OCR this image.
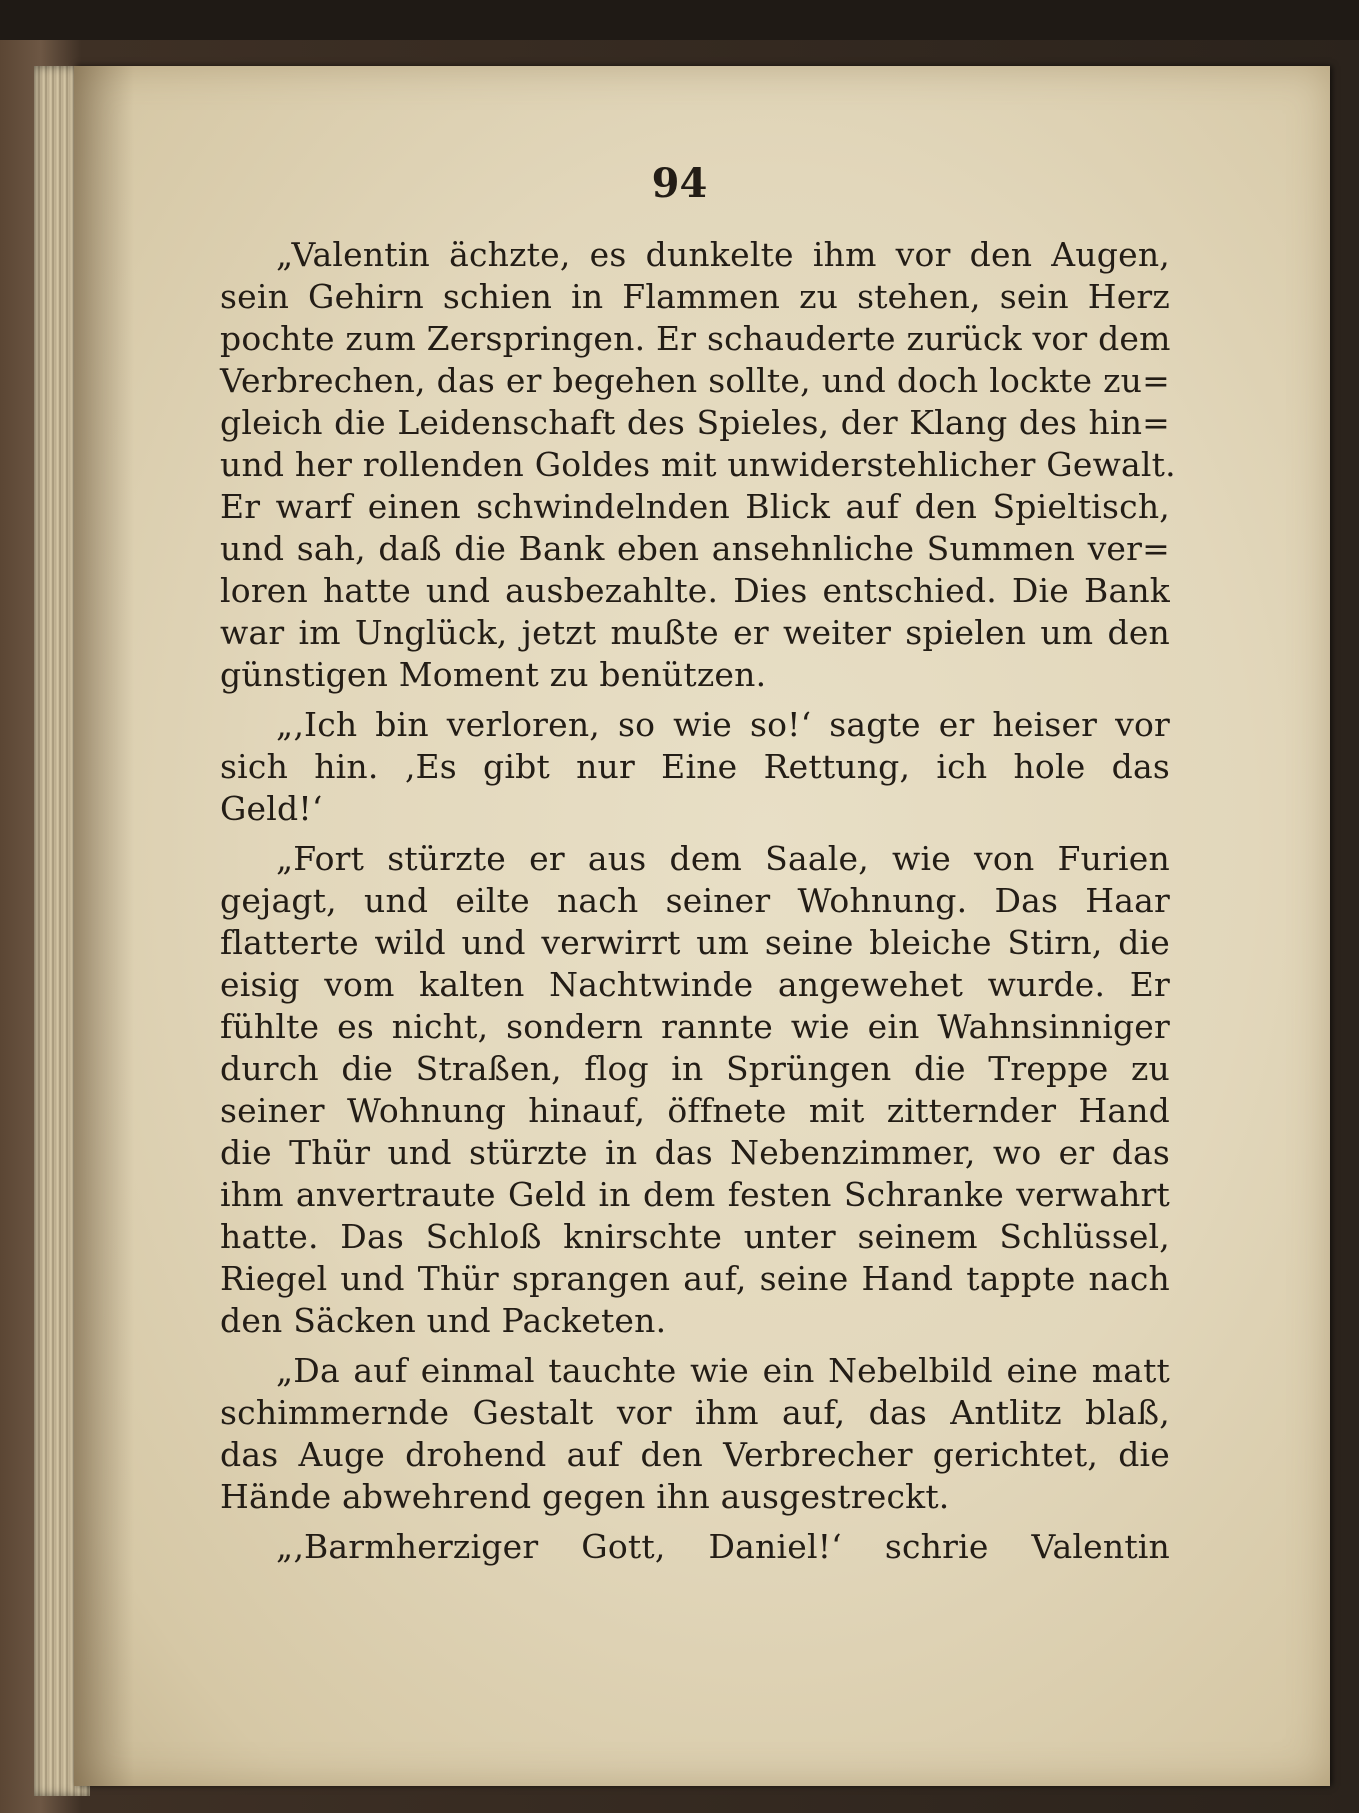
94
„Valentin ächzte, es dunkelte ihm vor den Augen,
sein Gehirn schien in Flammen zu stehen, sein Herz
pochte zum Zerspringen. Er schauderte zurück vor dem
Verbrechen, das er begehen sollte, und doch lockte zu=
gleich die Leidenschaft des Spieles, der Klang des hin=
und her rollenden Goldes mit unwiderstehlicher Gewalt.
Er warf einen schwindelnden Blick auf den Spieltisch,
und sah, daß die Bank eben ansehnliche Summen ver=
loren hatte und ausbezahlte. Dies entschied. Die Bank
war im Unglück, jetzt mußte er weiter spielen um den
günstigen Moment zu benützen.
„‚Ich bin verloren, so wie so!‘ sagte er heiser vor
sich hin. ‚Es gibt nur Eine Rettung, ich hole das
Geld!‘
„Fort stürzte er aus dem Saale, wie von Furien
gejagt, und eilte nach seiner Wohnung. Das Haar
flatterte wild und verwirrt um seine bleiche Stirn, die
eisig vom kalten Nachtwinde angewehet wurde. Er
fühlte es nicht, sondern rannte wie ein Wahnsinniger
durch die Straßen, flog in Sprüngen die Treppe zu
seiner Wohnung hinauf, öffnete mit zitternder Hand
die Thür und stürzte in das Nebenzimmer, wo er das
ihm anvertraute Geld in dem festen Schranke verwahrt
hatte. Das Schloß knirschte unter seinem Schlüssel,
Riegel und Thür sprangen auf, seine Hand tappte nach
den Säcken und Packeten.
„Da auf einmal tauchte wie ein Nebelbild eine matt
schimmernde Gestalt vor ihm auf, das Antlitz blaß,
das Auge drohend auf den Verbrecher gerichtet, die
Hände abwehrend gegen ihn ausgestreckt.
„‚Barmherziger Gott, Daniel!‘ schrie Valentin
